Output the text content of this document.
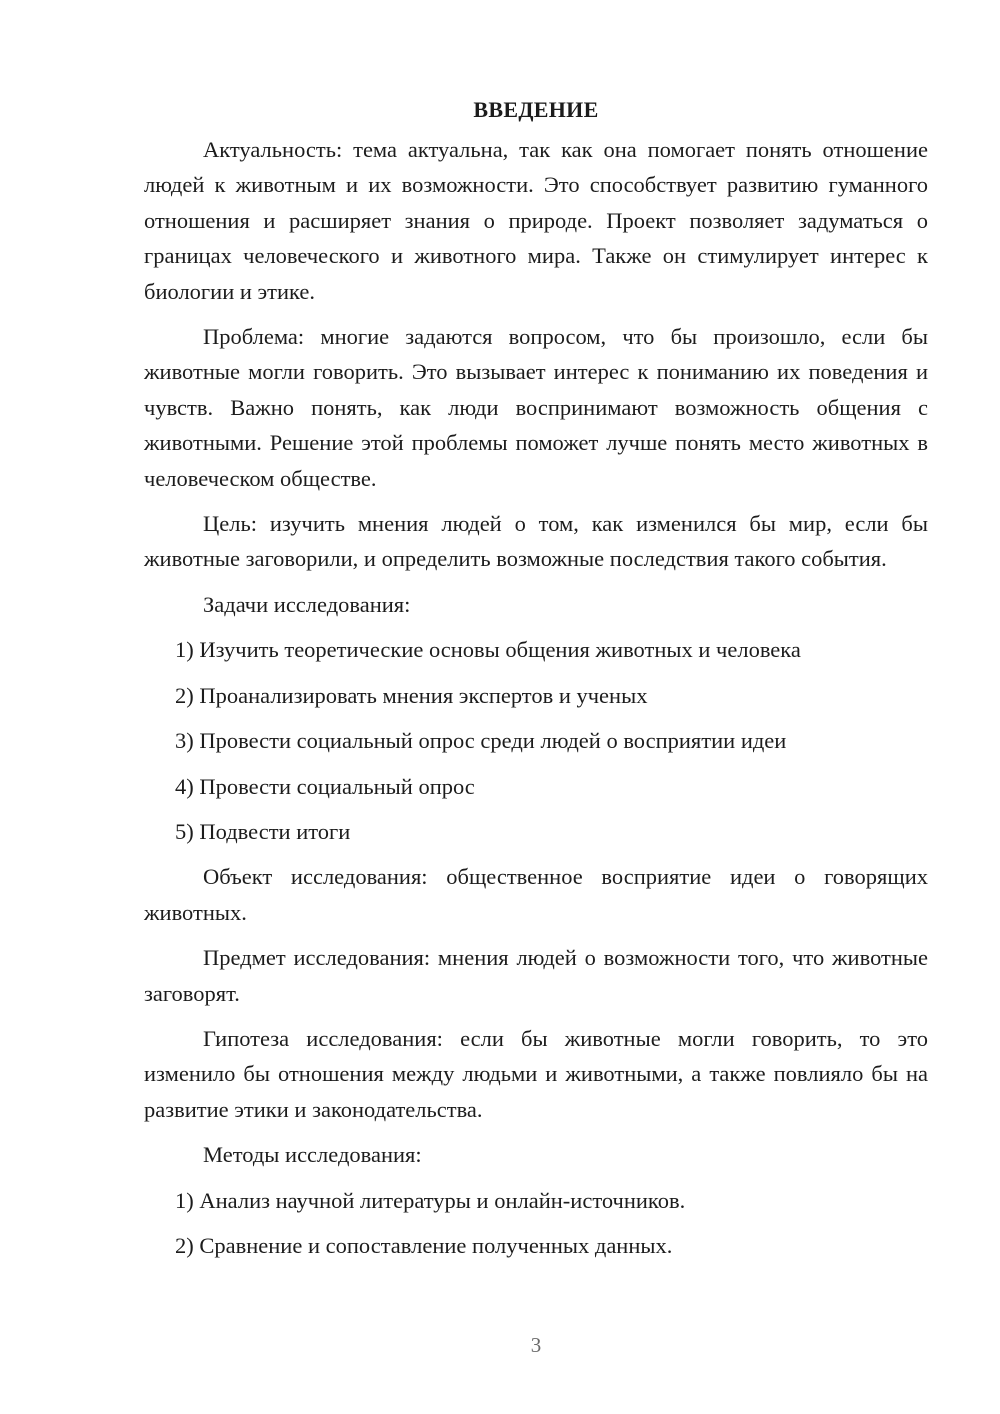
ВВЕДЕНИЕ

Актуальность: тема актуальна, так как она помогает понять отношение людей к животным и их возможности. Это способствует развитию гуманного отношения и расширяет знания о природе. Проект позволяет задуматься о границах человеческого и животного мира. Также он стимулирует интерес к биологии и этике.

Проблема: многие задаются вопросом, что бы произошло, если бы животные могли говорить. Это вызывает интерес к пониманию их поведения и чувств. Важно понять, как люди воспринимают возможность общения с животными. Решение этой проблемы поможет лучше понять место животных в человеческом обществе.

Цель: изучить мнения людей о том, как изменился бы мир, если бы животные заговорили, и определить возможные последствия такого события.

Задачи исследования:

1) Изучить теоретические основы общения животных и человека
2) Проанализировать мнения экспертов и ученых
3) Провести социальный опрос среди людей о восприятии идеи
4) Провести социальный опрос
5) Подвести итоги

Объект исследования: общественное восприятие идеи о говорящих животных.

Предмет исследования: мнения людей о возможности того, что животные заговорят.

Гипотеза исследования: если бы животные могли говорить, то это изменило бы отношения между людьми и животными, а также повлияло бы на развитие этики и законодательства.

Методы исследования:

1) Анализ научной литературы и онлайн-источников.
2) Сравнение и сопоставление полученных данных.
3
